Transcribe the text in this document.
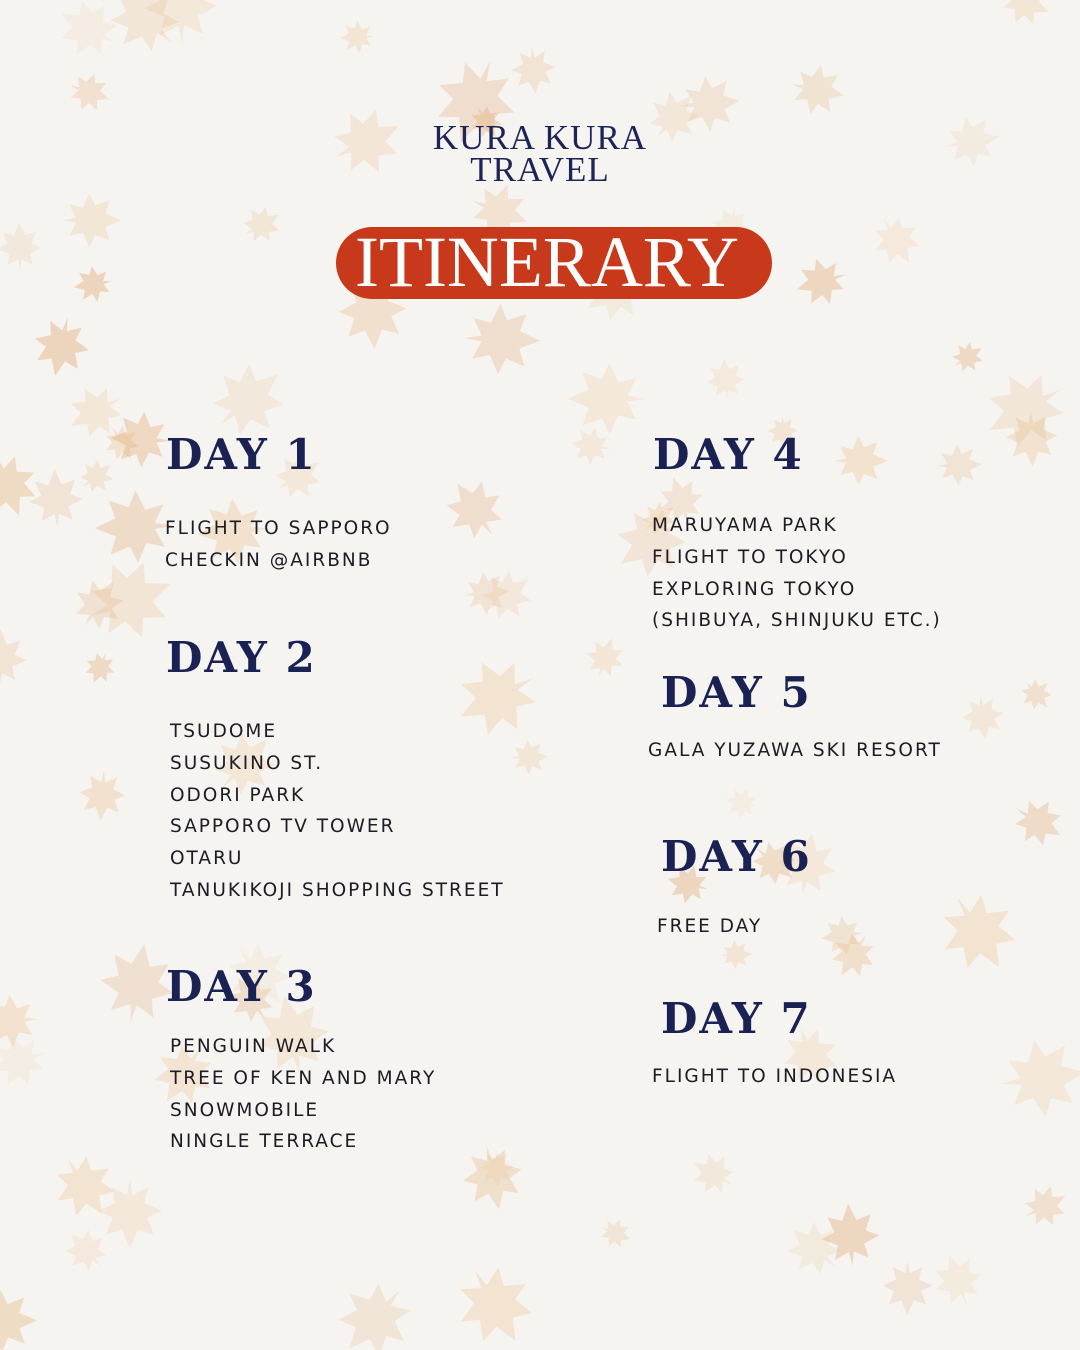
KURA KURA
TRAVEL
ITINERARY
DAY 1
FLIGHT TO SAPPORO
CHECKIN @AIRBNB
DAY 2
TSUDOME
SUSUKINO ST.
ODORI PARK
SAPPORO TV TOWER
OTARU
TANUKIKOJI SHOPPING STREET
DAY 3
PENGUIN WALK
TREE OF KEN AND MARY
SNOWMOBILE
NINGLE TERRACE
DAY 4
MARUYAMA PARK
FLIGHT TO TOKYO
EXPLORING TOKYO
(SHIBUYA, SHINJUKU ETC.)
DAY 5
GALA YUZAWA SKI RESORT
DAY 6
FREE DAY
DAY 7
FLIGHT TO INDONESIA
